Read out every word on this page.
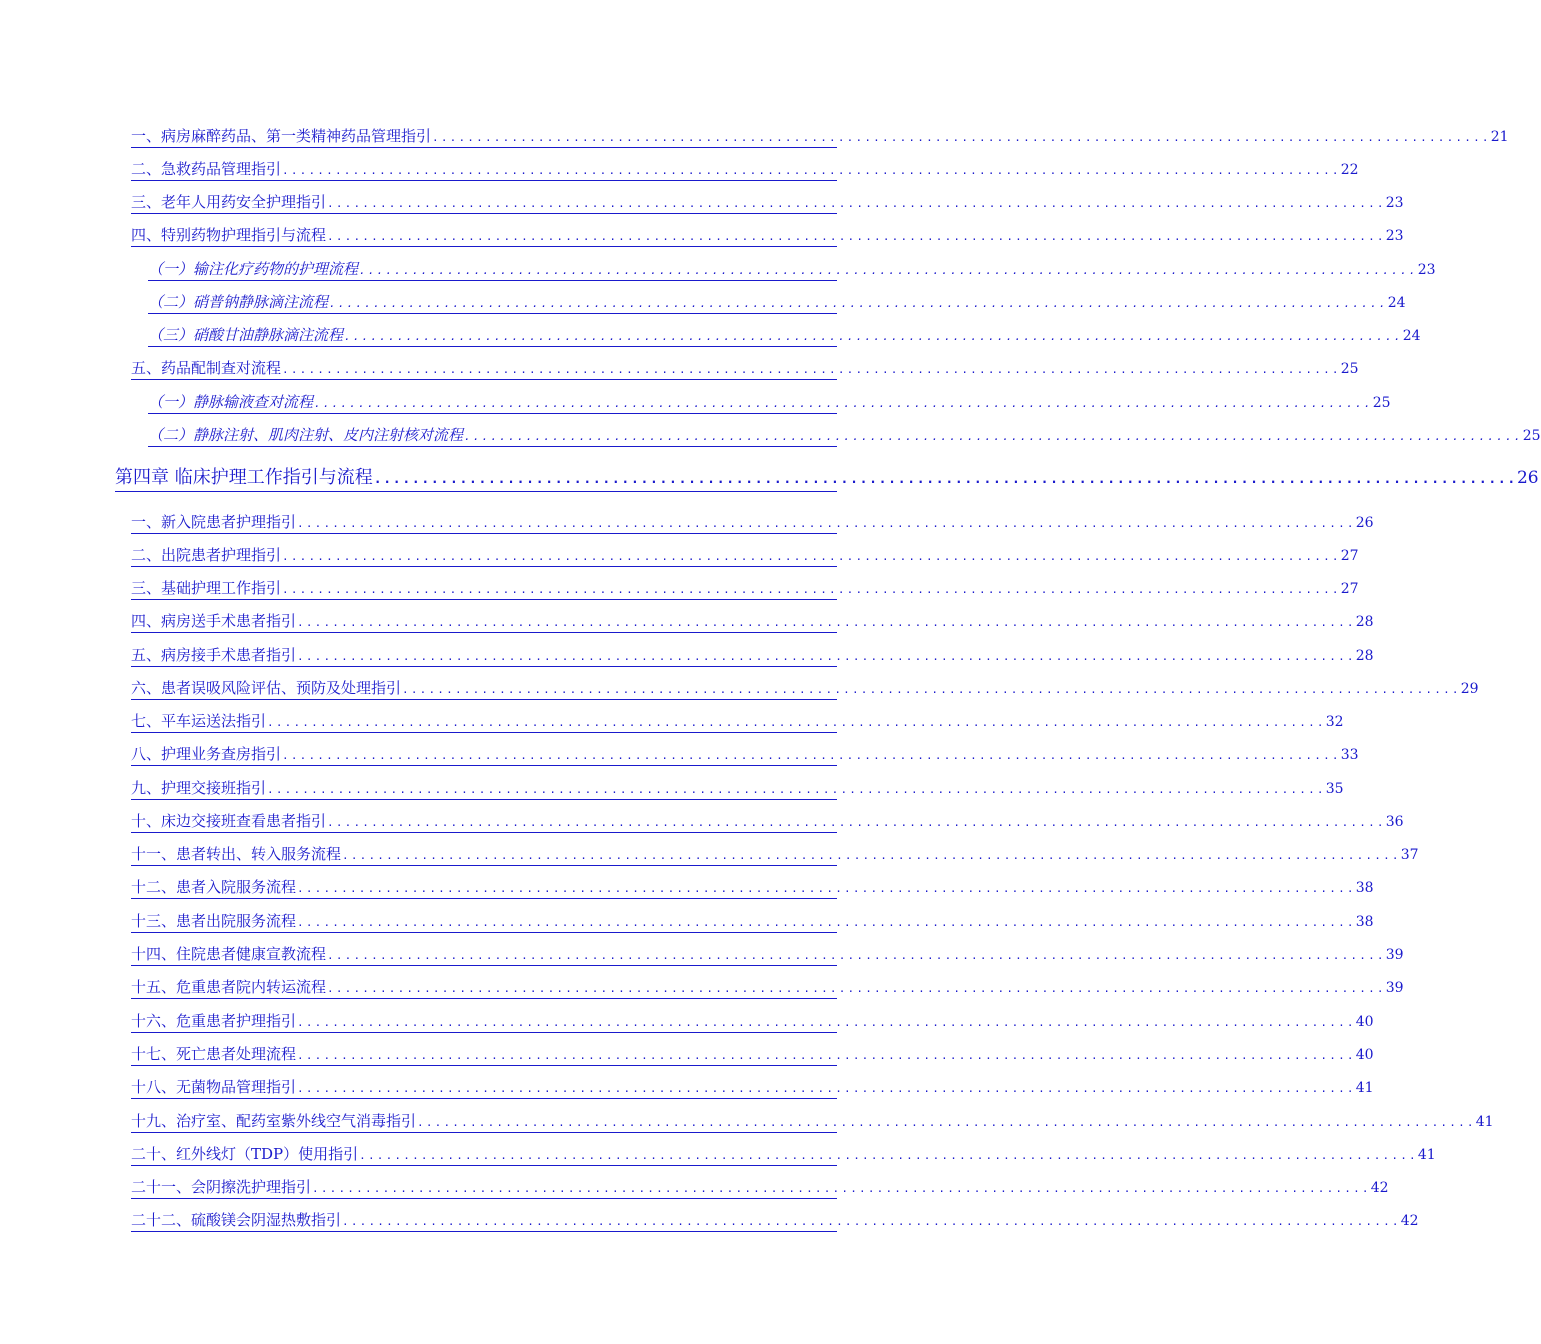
一、病房麻醉药品、第一类精神药品管理指引 ........................................................................................................................ 21
二、急救药品管理指引 ........................................................................................................................ 22
三、老年人用药安全护理指引 ........................................................................................................................ 23
四、特别药物护理指引与流程 ........................................................................................................................ 23
（一）输注化疗药物的护理流程 ........................................................................................................................ 23
（二）硝普钠静脉滴注流程 ........................................................................................................................ 24
（三）硝酸甘油静脉滴注流程 ........................................................................................................................ 24
五、药品配制查对流程 ........................................................................................................................ 25
（一）静脉输液查对流程 ........................................................................................................................ 25
（二）静脉注射、肌肉注射、皮内注射核对流程 ........................................................................................................................ 25
第四章 临床护理工作指引与流程 ........................................................................................................................ 26
一、新入院患者护理指引 ........................................................................................................................ 26
二、出院患者护理指引 ........................................................................................................................ 27
三、基础护理工作指引 ........................................................................................................................ 27
四、病房送手术患者指引 ........................................................................................................................ 28
五、病房接手术患者指引 ........................................................................................................................ 28
六、患者误吸风险评估、预防及处理指引 ........................................................................................................................ 29
七、平车运送法指引 ........................................................................................................................ 32
八、护理业务查房指引 ........................................................................................................................ 33
九、护理交接班指引 ........................................................................................................................ 35
十、床边交接班查看患者指引 ........................................................................................................................ 36
十一、患者转出、转入服务流程 ........................................................................................................................ 37
十二、患者入院服务流程 ........................................................................................................................ 38
十三、患者出院服务流程 ........................................................................................................................ 38
十四、住院患者健康宣教流程 ........................................................................................................................ 39
十五、危重患者院内转运流程 ........................................................................................................................ 39
十六、危重患者护理指引 ........................................................................................................................ 40
十七、死亡患者处理流程 ........................................................................................................................ 40
十八、无菌物品管理指引 ........................................................................................................................ 41
十九、治疗室、配药室紫外线空气消毒指引 ........................................................................................................................ 41
二十、红外线灯（TDP）使用指引 ........................................................................................................................ 41
二十一、会阴擦洗护理指引 ........................................................................................................................ 42
二十二、硫酸镁会阴湿热敷指引 ........................................................................................................................ 42
